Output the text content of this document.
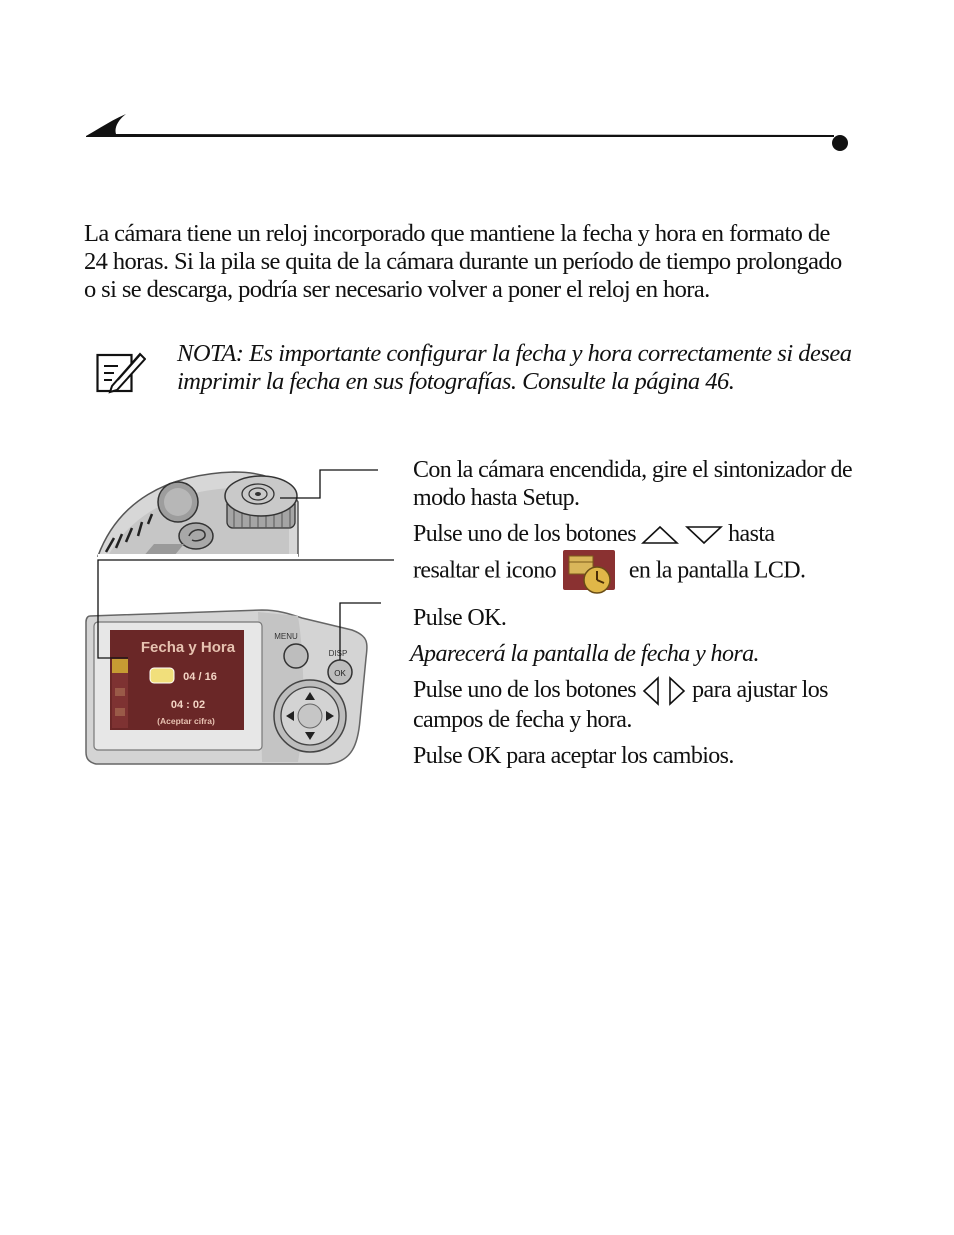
La cámara tiene un reloj incorporado que mantiene la fecha y hora en formato de 24 horas. Si la pila se quita de la cámara durante un período de tiempo prolongado o si se descarga, podría ser necesario volver a poner el reloj en hora.

NOTA: Es importante configurar la fecha y hora correctamente si desea imprimir la fecha en sus fotografías. Consulte la página 46.

Fecha y Hora
04 / 16
04 : 02
(Aceptar cifra)
MENU
DISP
OK

Con la cámara encendida, gire el sintonizador de modo hasta Setup.

Pulse uno de los botones	hasta
resaltar el icono	en la pantalla LCD.

Pulse OK.

Aparecerá la pantalla de fecha y hora.

Pulse uno de los botones para ajustar los campos de fecha y hora.

Pulse OK para aceptar los cambios.
